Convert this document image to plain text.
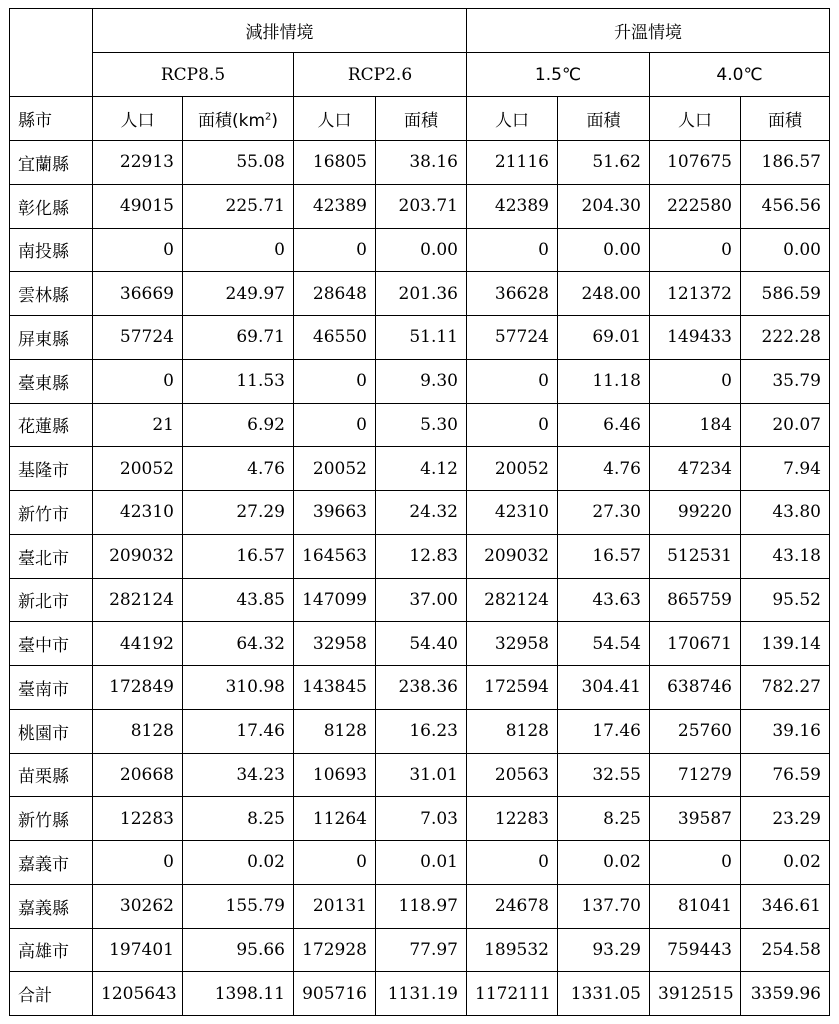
	減排情境				升溫情境			
	RCP8.5		RCP2.6		1.5℃		4.0℃	
縣市	人口	面積$(km^2)$	人口	面積	人口	面積	人口	面積
宜蘭縣	22913	55.08	16805	38.16	21116	51.62	107675	186.57
彰化縣	49015	225.71	42389	203.71	42389	204.30	222580	456.56
南投縣	0	0	0	0.00	0	0.00	0	0.00
雲林縣	36669	249.97	28648	201.36	36628	248.00	121372	586.59
屏東縣	57724	69.71	46550	51.11	57724	69.01	149433	222.28
臺東縣	0	11.53	0	9.30	0	11.18	0	35.79
花蓮縣	21	6.92	0	5.30	0	6.46	184	20.07
基隆市	20052	4.76	20052	4.12	20052	4.76	47234	7.94
新竹市	42310	27.29	39663	24.32	42310	27.30	99220	43.80
臺北市	209032	16.57	164563	12.83	209032	16.57	512531	43.18
新北市	282124	43.85	147099	37.00	282124	43.63	865759	95.52
臺中市	44192	64.32	32958	54.40	32958	54.54	170671	139.14
臺南市	172849	310.98	143845	238.36	172594	304.41	638746	782.27
桃園市	8128	17.46	8128	16.23	8128	17.46	25760	39.16
苗栗縣	20668	34.23	10693	31.01	20563	32.55	71279	76.59
新竹縣	12283	8.25	11264	7.03	12283	8.25	39587	23.29
嘉義市	0	0.02	0	0.01	0	0.02	0	0.02
嘉義縣	30262	155.79	20131	118.97	24678	137.70	81041	346.61
高雄市	197401	95.66	172928	77.97	189532	93.29	759443	254.58
合計	1205643	1398.11	905716	1131.19	1172111	1331.05	3912515	3359.96
